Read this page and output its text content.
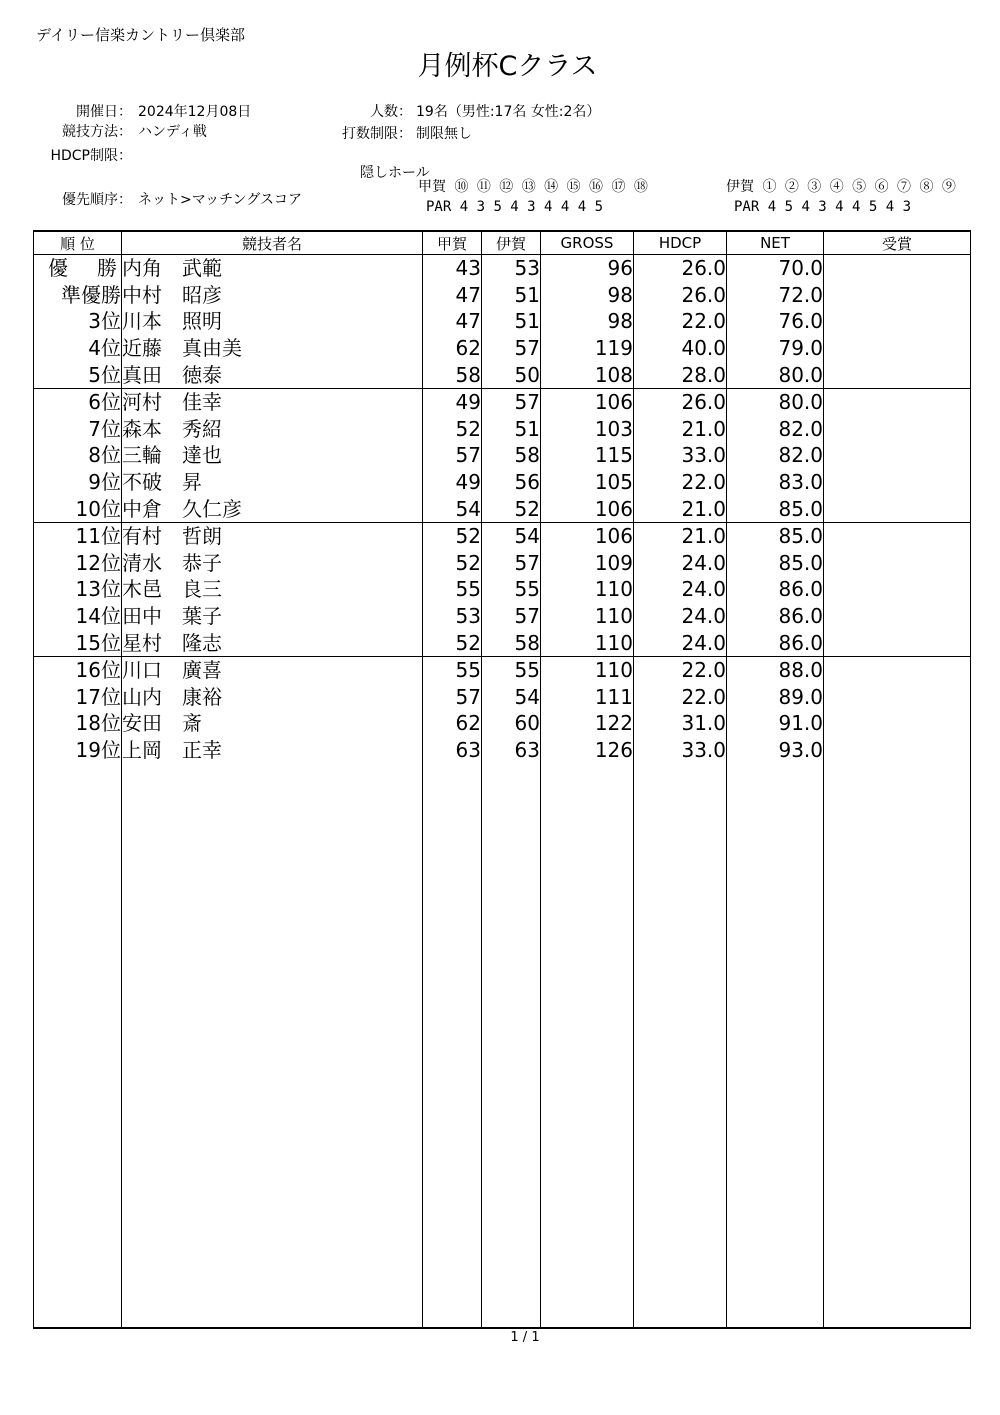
デイリー信楽カントリー倶楽部
月例杯Cクラス
開催日： 2024年12月08日
競技方法： ハンディ戦
HDCP制限：
優先順序： ネット>マッチングスコア
人数： 19名（男性:17名 女性:2名）
打数制限： 制限無し
隠しホール
甲賀 ⑩ ⑪ ⑫ ⑬ ⑭ ⑮ ⑯ ⑰ ⑱
PAR 4 3 5 4 3 4 4 4 5
伊賀 ① ② ③ ④ ⑤ ⑥ ⑦ ⑧ ⑨
PAR 4 5 4 3 4 4 5 4 3
順 位	競技者名	甲賀	伊賀	GROSS	HDCP	NET	受賞
優 勝	内角　武範	43	53	96	26.0	70.0	
準優勝	中村　昭彦	47	51	98	26.0	72.0	
3位	川本　照明	47	51	98	22.0	76.0	
4位	近藤　真由美	62	57	119	40.0	79.0	
5位	真田　徳泰	58	50	108	28.0	80.0	
6位	河村　佳幸	49	57	106	26.0	80.0	
7位	森本　秀紹	52	51	103	21.0	82.0	
8位	三輪　達也	57	58	115	33.0	82.0	
9位	不破　昇	49	56	105	22.0	83.0	
10位	中倉　久仁彦	54	52	106	21.0	85.0	
11位	有村　哲朗	52	54	106	21.0	85.0	
12位	清水　恭子	52	57	109	24.0	85.0	
13位	木邑　良三	55	55	110	24.0	86.0	
14位	田中　葉子	53	57	110	24.0	86.0	
15位	星村　隆志	52	58	110	24.0	86.0	
16位	川口　廣喜	55	55	110	22.0	88.0	
17位	山内　康裕	57	54	111	22.0	89.0	
18位	安田　斎	62	60	122	31.0	91.0	
19位	上岡　正幸	63	63	126	33.0	93.0	

1 / 1
